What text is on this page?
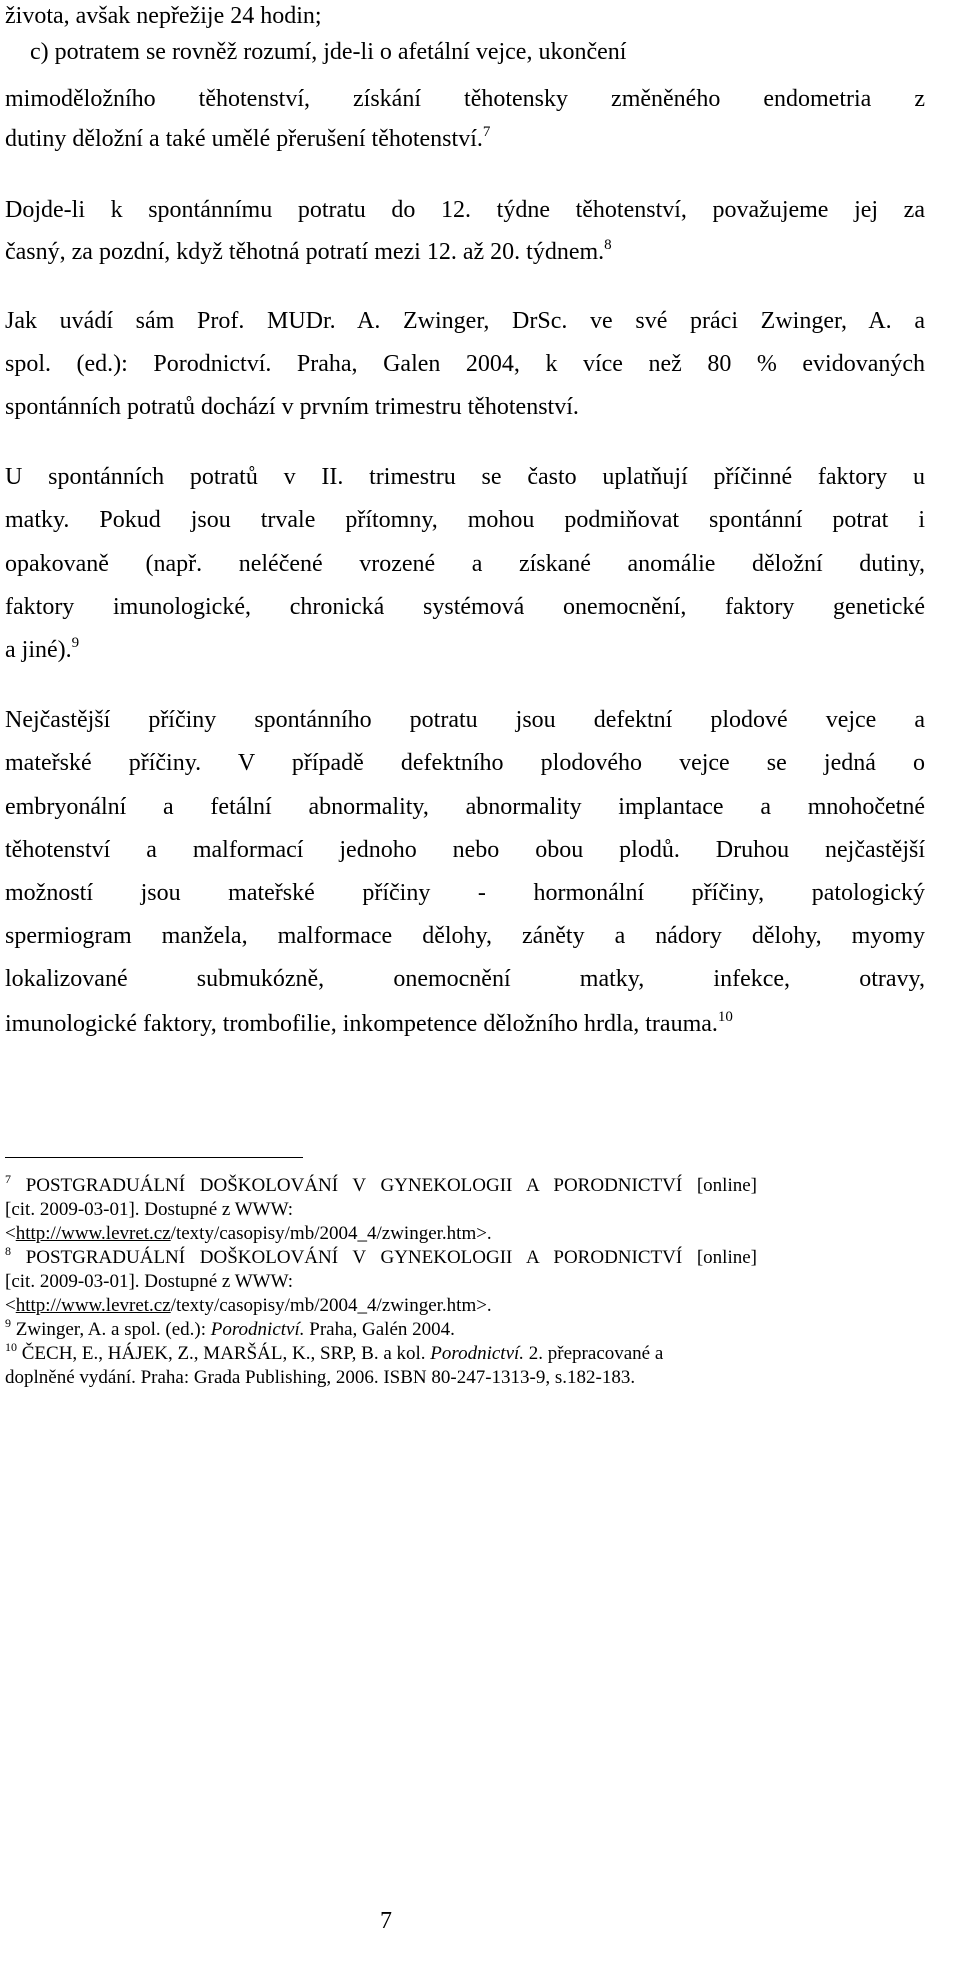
života, avšak nepřežije 24 hodin;
c) potratem se rovněž rozumí, jde-li o afetální vejce, ukončení
mimoděložního těhotenství, získání těhotensky změněného endometria z
dutiny děložní a také umělé přerušení těhotenství.$^7$
Dojde-li k spontánnímu potratu do 12. týdne těhotenství, považujeme jej za
časný, za pozdní, když těhotná potratí mezi 12. až 20. týdnem.$^8$
Jak uvádí sám Prof. MUDr. A. Zwinger, DrSc. ve své práci Zwinger, A. a
spol. (ed.): Porodnictví. Praha, Galen 2004, k více než 80 % evidovaných
spontánních potratů dochází v prvním trimestru těhotenství.
U spontánních potratů v II. trimestru se často uplatňují příčinné faktory u
matky. Pokud jsou trvale přítomny, mohou podmiňovat spontánní potrat i
opakovaně (např. neléčené vrozené a získané anomálie děložní dutiny,
faktory imunologické, chronická systémová onemocnění, faktory genetické
a jiné).$^9$
Nejčastější příčiny spontánního potratu jsou defektní plodové vejce a
mateřské příčiny. V případě defektního plodového vejce se jedná o
embryonální a fetální abnormality, abnormality implantace a mnohočetné
těhotenství a malformací jednoho nebo obou plodů. Druhou nejčastější
možností jsou mateřské příčiny - hormonální příčiny, patologický
spermiogram manžela, malformace dělohy, záněty a nádory dělohy, myomy
lokalizované submukózně, onemocnění matky, infekce, otravy,
imunologické faktory, trombofilie, inkompetence děložního hrdla, trauma.$^{10}$
$^7$ POSTGRADUÁLNÍ DOŠKOLOVÁNÍ V GYNEKOLOGII A PORODNICTVÍ [online]
[cit. 2009-03-01]. Dostupné z WWW:
<http://www.levret.cz/texty/casopisy/mb/2004_4/zwinger.htm>.
$^8$ POSTGRADUÁLNÍ DOŠKOLOVÁNÍ V GYNEKOLOGII A PORODNICTVÍ [online]
[cit. 2009-03-01]. Dostupné z WWW:
<http://www.levret.cz/texty/casopisy/mb/2004_4/zwinger.htm>.
$^9$ Zwinger, A. a spol. (ed.): Porodnictví. Praha, Galén 2004.
$^{10}$ ČECH, E., HÁJEK, Z., MARŠÁL, K., SRP, B. a kol. Porodnictví. 2. přepracované a
doplněné vydání. Praha: Grada Publishing, 2006. ISBN 80-247-1313-9, s.182-183.
7
